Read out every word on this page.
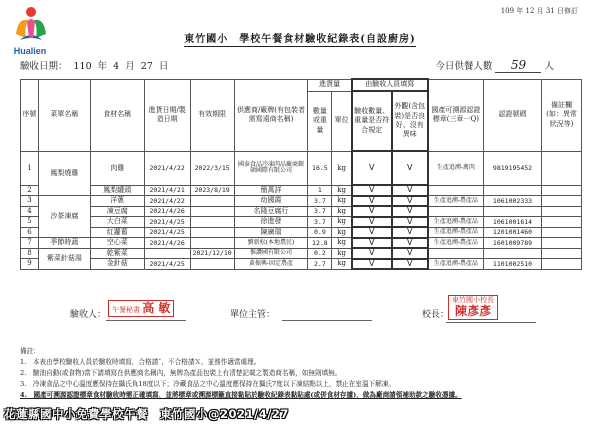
Hualien
109 年 12 月 31 日修訂
東竹國小　學校午餐食材驗收紀錄表(自設廚房)
驗收日期： 110 年 4 月 27 日	今日供餐人數 59 人
序號	菜單名稱	食材名稱	進貨日期/製造日期	有效期限	供應商/廠牌(有包裝者需寫遠商名稱)	進貨量		由驗收人員填寫		國產可溯源認證標章(三章一Q)	認證號碼	備註欄(如：異常狀況等)
						數量或重量	單位	驗收數量、重量是否符合規定	外觀(含包裝)是否良好、沒有異味			
1	鳳梨燒雞	肉雞	2021/4/22	2022/3/15	國泰食品冷凍肉品廠商銀碩國際有限公司	16.5	kg	V	V	生產追溯-禽肉	9819195452	
2		鳳梨罐頭	2021/4/21	2023/8/19	簡萬詳	1	kg	V	V			
3	沙茶凍腐	洋蔥	2021/4/22		幼國霞	3.7	kg	V	V	生產追溯-農產品	1061002333	
4		凍豆腐	2021/4/26		名隆豆腐行	3.7	kg	V	V			
5		大白菜	2021/4/25		徐進發	3.7	kg	V	V	生產追溯-農產品	1061001614	
6		紅蘿蔔	2021/4/25		陳廣瑞	0.9	kg	V	V	生產追溯-農產品	1201001460	
7	季節時蔬	空心菜	2021/4/26		劉新松(本地農民)	12.8	kg	V	V	生產追溯-農產品	1601009789	
8	紫菜針菇湯	乾紫菜		2021/12/10	惟讚國有限公司	0.2	kg	V	V			
9		金針菇	2021/4/25		黃振興-固定農產	2.7	kg	V	V	生產追溯-農產品	1101002510	
驗收人： 午餐秘書 高 敏	單位主管：	校長：
東竹國小校長
陳彥彥
備註：
1.　本表由學校驗收人員於驗收時填寫，合格請ˇ，不合格請Ｘ，並務作適當處理。
2.　驗油自動(或食物)當下請填寫在供應商名稱內，無牌為產品包裝上有清楚記載之製造商名稱，如無則填無。
3.　冷凍食品之中心溫度應保持在攝氏負18度以下；冷藏食品之中心溫度應保持在攝氏7度以下凍結點以上，禁止在室溫下解凍。
4.　國產可溯源認證標章食材驗收時需正確填寫，並將標章或溯源標籤直接黏貼於驗收紀錄表黏貼處(或併食材存據)，做為廠商請領補助款之驗收憑據。
花蓮縣國中小免費學校午餐　東竹國小@2021/4/27
